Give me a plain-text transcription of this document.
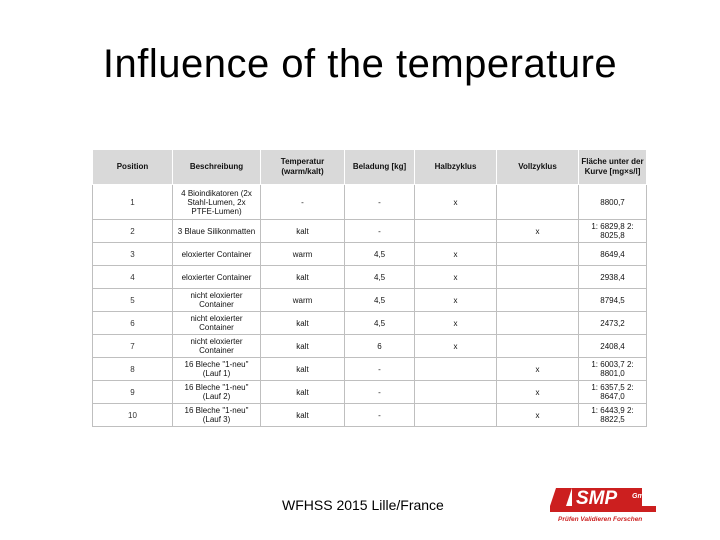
Influence of the temperature
Position	Beschreibung	Temperatur (warm/kalt)	Beladung [kg]	Halbzyklus	Vollzyklus	Fläche unter der Kurve [mg×s/l]
1	4 Bioindikatoren (2x Stahl-Lumen, 2x PTFE-Lumen)	-	-	x		8800,7
2	3 Blaue Silikonmatten	kalt	-		x	1: 6829,8 2: 8025,8
3	eloxierter Container	warm	4,5	x		8649,4
4	eloxierter Container	kalt	4,5	x		2938,4
5	nicht eloxierter Container	warm	4,5	x		8794,5
6	nicht eloxierter Container	kalt	4,5	x		2473,2
7	nicht eloxierter Container	kalt	6	x		2408,4
8	16 Bleche "1-neu" (Lauf 1)	kalt	-		x	1: 6003,7 2: 8801,0
9	16 Bleche "1-neu" (Lauf 2)	kalt	-		x	1: 6357,5 2: 8647,0
10	16 Bleche "1-neu" (Lauf 3)	kalt	-		x	1: 6443,9 2: 8822,5
WFHSS 2015 Lille/France	SMP GmbH
Prüfen Validieren Forschen
